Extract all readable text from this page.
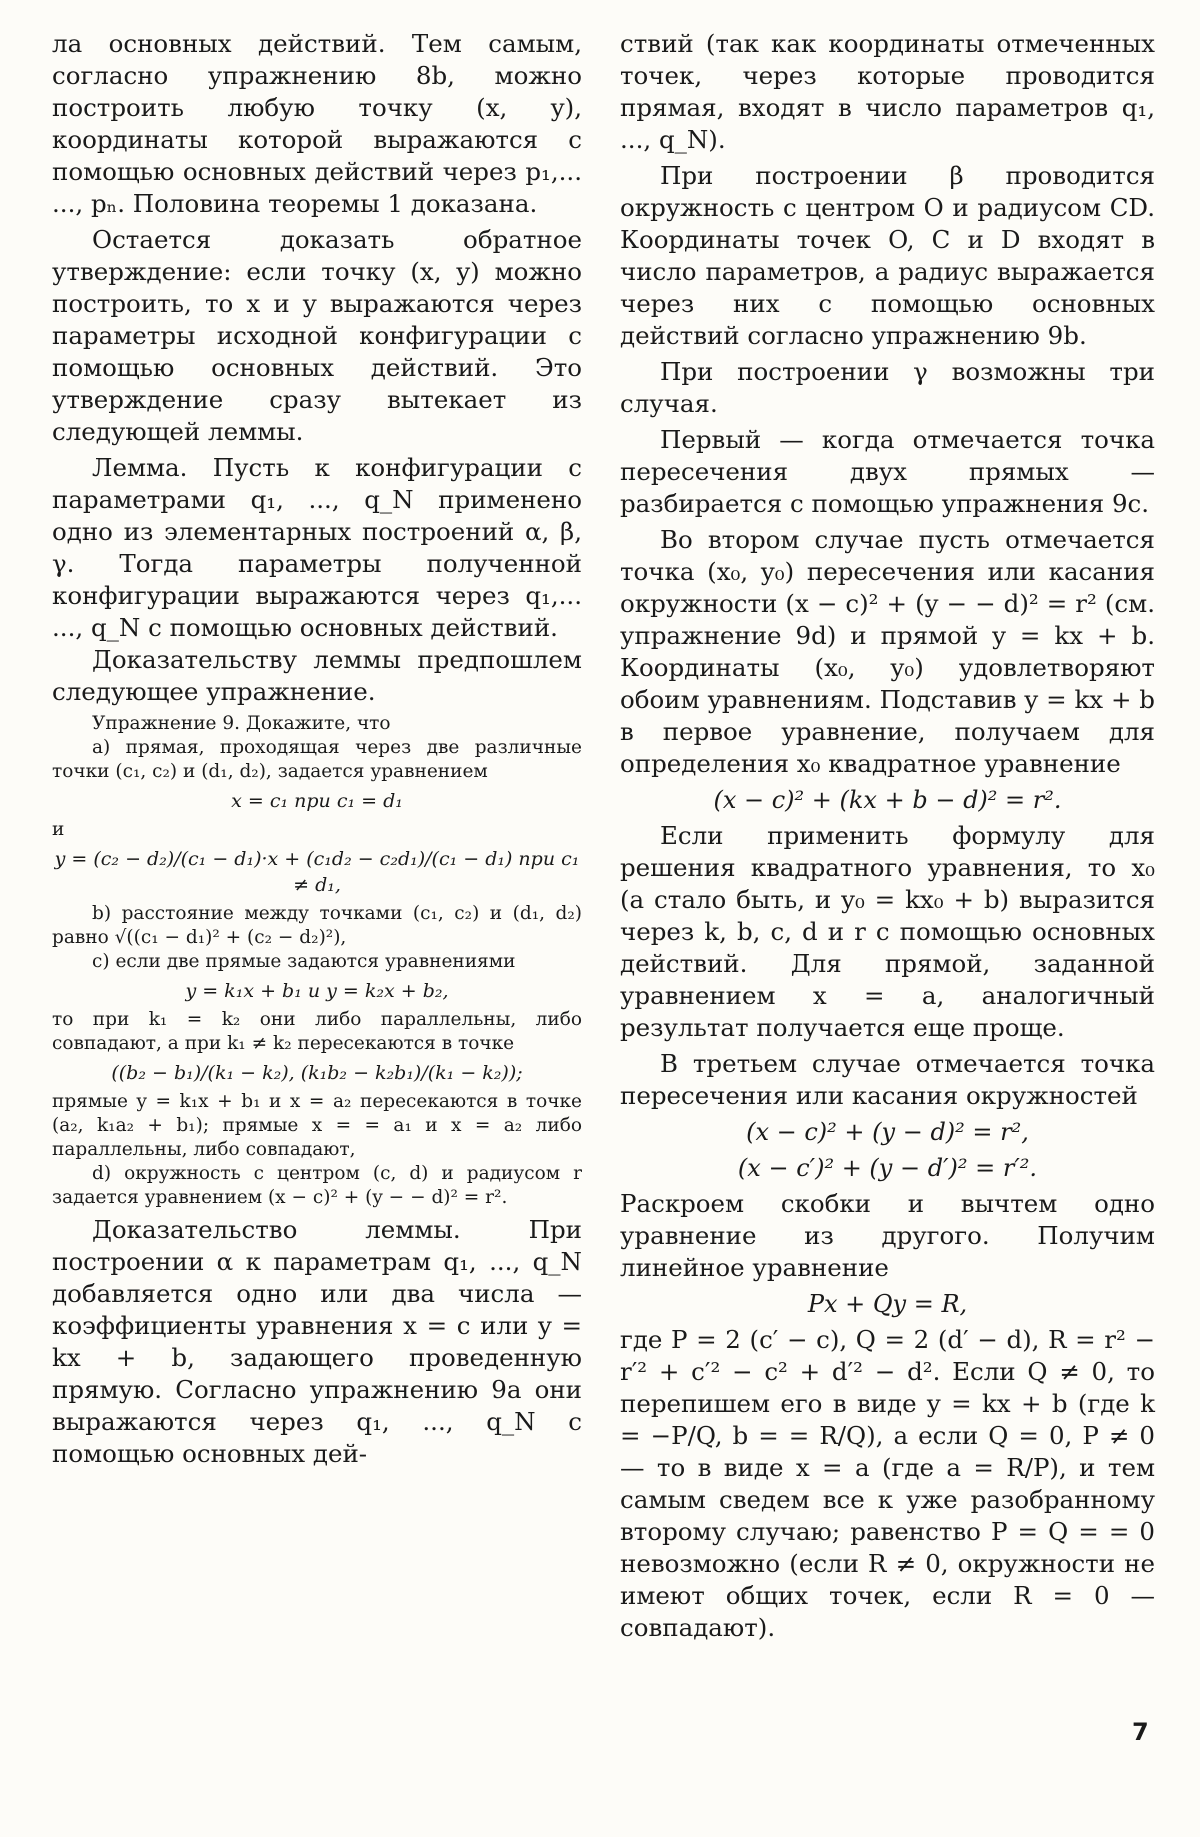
ла основных действий. Тем самым, согласно упражнению 8b, можно построить любую точку (x, y), координаты которой выражаются с помощью основных действий через p₁,... ..., pₙ. Половина теоремы 1 доказана.

Остается доказать обратное утверждение: если точку (x, y) можно построить, то x и y выражаются через параметры исходной конфигурации с помощью основных действий. Это утверждение сразу вытекает из следующей леммы.

Лемма. Пусть к конфигурации с параметрами q₁, ..., q_N применено одно из элементарных построений α, β, γ. Тогда параметры полученной конфигурации выражаются через q₁,... ..., q_N с помощью основных действий.

Доказательству леммы предпошлем следующее упражнение.

Упражнение 9. Докажите, что

a) прямая, проходящая через две различные точки (c₁, c₂) и (d₁, d₂), задается уравнением

x = c₁ при c₁ = d₁

и

y = (c₂ − d₂)/(c₁ − d₁)·x + (c₁d₂ − c₂d₁)/(c₁ − d₁) при c₁ ≠ d₁,

b) расстояние между точками (c₁, c₂) и (d₁, d₂) равно √((c₁ − d₁)² + (c₂ − d₂)²),

c) если две прямые задаются уравнениями

y = k₁x + b₁ и y = k₂x + b₂,

то при k₁ = k₂ они либо параллельны, либо совпадают, а при k₁ ≠ k₂ пересекаются в точке

((b₂ − b₁)/(k₁ − k₂), (k₁b₂ − k₂b₁)/(k₁ − k₂));

прямые y = k₁x + b₁ и x = a₂ пересекаются в точке (a₂, k₁a₂ + b₁); прямые x = = a₁ и x = a₂ либо параллельны, либо совпадают,

d) окружность с центром (c, d) и радиусом r задается уравнением (x − c)² + (y − − d)² = r².

Доказательство леммы. При построении α к параметрам q₁, ..., q_N добавляется одно или два числа — коэффициенты уравнения x = c или y = kx + b, задающего проведенную прямую. Согласно упражнению 9a они выражаются через q₁, ..., q_N с помощью основных дей-

ствий (так как координаты отмеченных точек, через которые проводится прямая, входят в число параметров q₁, ..., q_N).

При построении β проводится окружность с центром O и радиусом CD. Координаты точек O, C и D входят в число параметров, а радиус выражается через них с помощью основных действий согласно упражнению 9b.

При построении γ возможны три случая.

Первый — когда отмечается точка пересечения двух прямых — разбирается с помощью упражнения 9c.

Во втором случае пусть отмечается точка (x₀, y₀) пересечения или касания окружности (x − c)² + (y − − d)² = r² (см. упражнение 9d) и прямой y = kx + b. Координаты (x₀, y₀) удовлетворяют обоим уравнениям. Подставив y = kx + b в первое уравнение, получаем для определения x₀ квадратное уравнение

(x − c)² + (kx + b − d)² = r².

Если применить формулу для решения квадратного уравнения, то x₀ (а стало быть, и y₀ = kx₀ + b) выразится через k, b, c, d и r с помощью основных действий. Для прямой, заданной уравнением x = a, аналогичный результат получается еще проще.

В третьем случае отмечается точка пересечения или касания окружностей

(x − c)² + (y − d)² = r²,

(x − c′)² + (y − d′)² = r′².

Раскроем скобки и вычтем одно уравнение из другого. Получим линейное уравнение

Px + Qy = R,

где P = 2 (c′ − c), Q = 2 (d′ − d), R = r² − r′² + c′² − c² + d′² − d². Если Q ≠ 0, то перепишем его в виде y = kx + b (где k = −P/Q, b = = R/Q), а если Q = 0, P ≠ 0 — то в виде x = a (где a = R/P), и тем самым сведем все к уже разобранному второму случаю; равенство P = Q = = 0 невозможно (если R ≠ 0, окружности не имеют общих точек, если R = 0 — совпадают).

7
